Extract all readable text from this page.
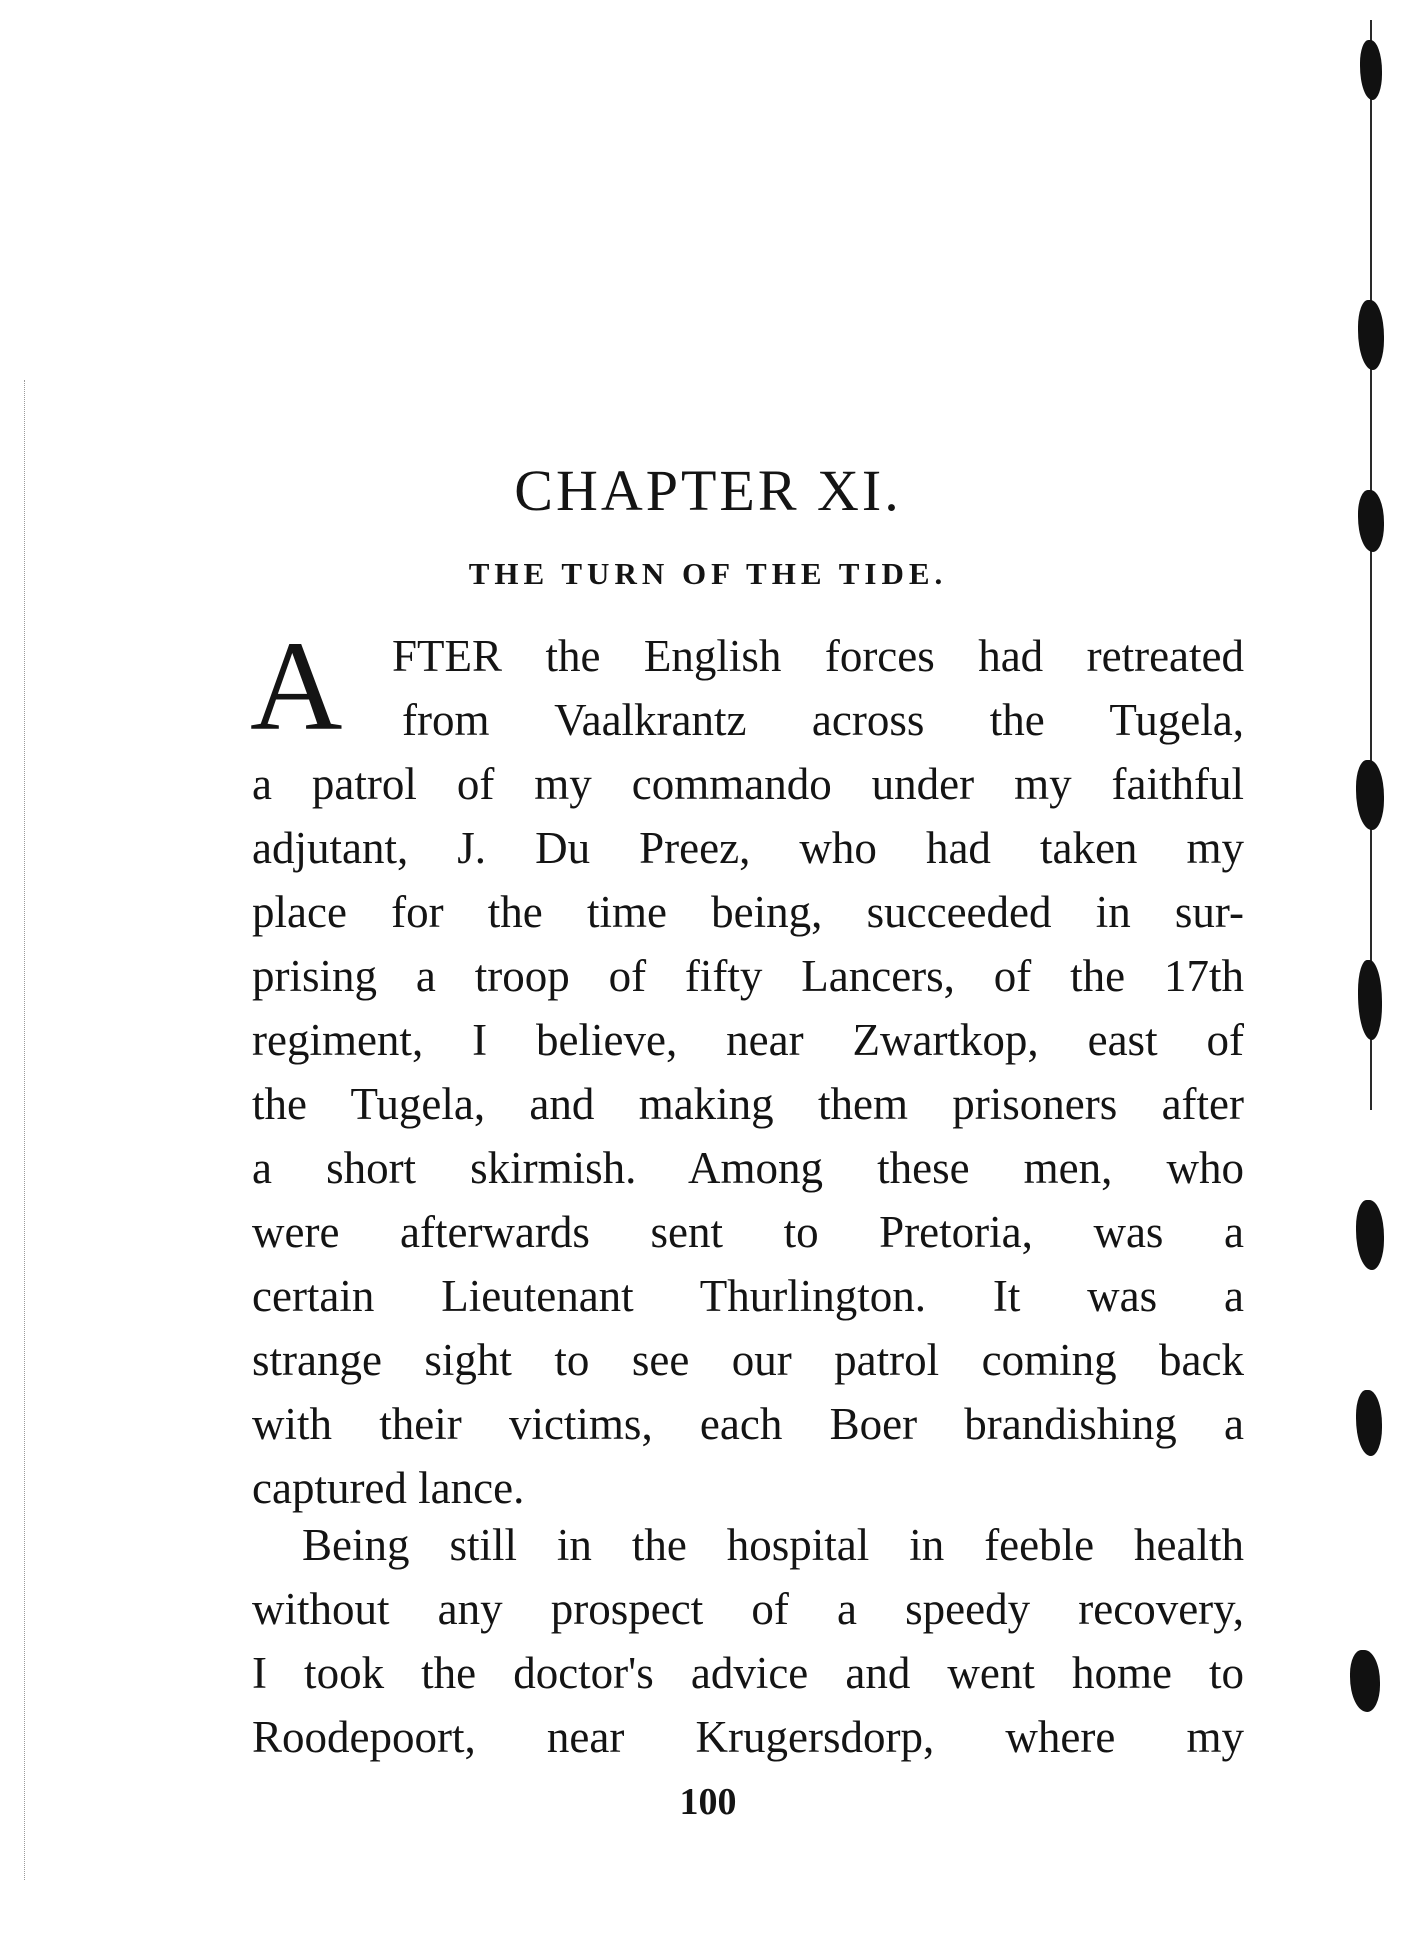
CHAPTER XI.
THE TURN OF THE TIDE.
A	FTER the English forces had retreated
from Vaalkrantz across the Tugela,
a patrol of my commando under my faithful
adjutant, J. Du Preez, who had taken my
place for the time being, succeeded in sur-
prising a troop of fifty Lancers, of the 17th
regiment, I believe, near Zwartkop, east of
the Tugela, and making them prisoners after
a short skirmish. Among these men, who
were afterwards sent to Pretoria, was a
certain Lieutenant Thurlington. It was a
strange sight to see our patrol coming back
with their victims, each Boer brandishing a
captured lance.
Being still in the hospital in feeble health
without any prospect of a speedy recovery,
I took the doctor's advice and went home to
Roodepoort, near Krugersdorp, where my
100
